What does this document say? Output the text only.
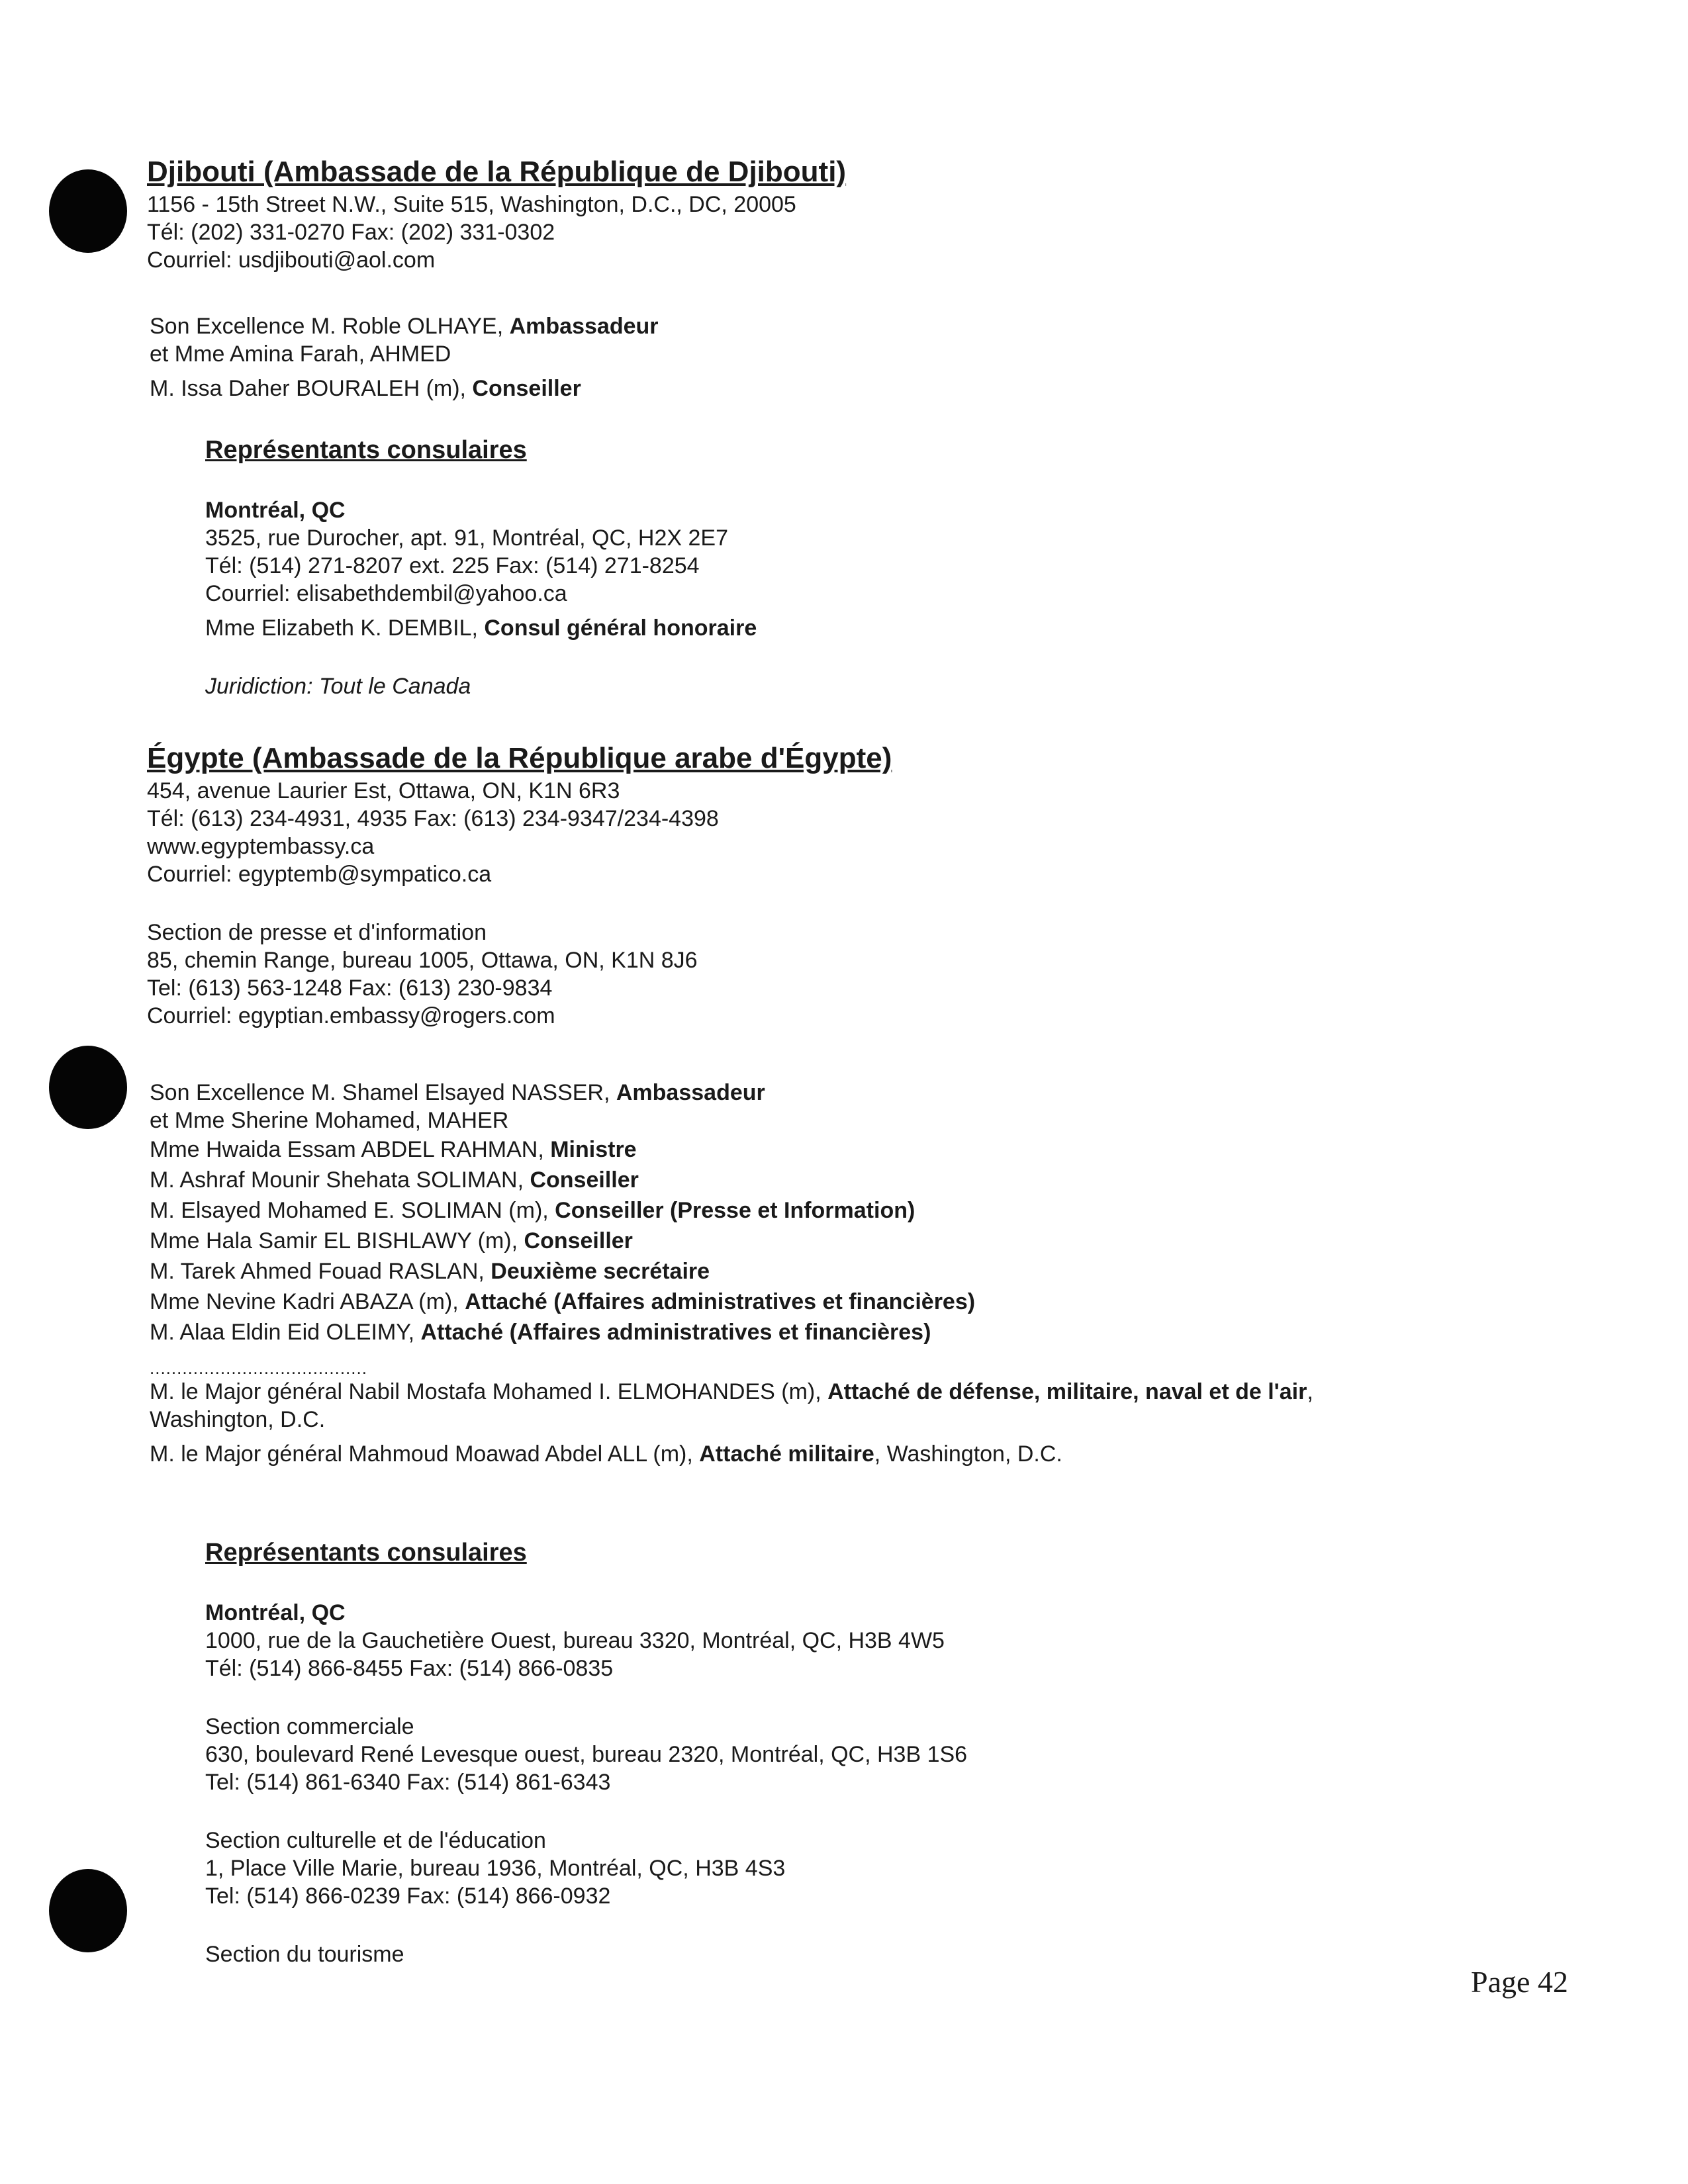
Djibouti (Ambassade de la République de Djibouti)
1156 - 15th Street N.W., Suite 515, Washington, D.C., DC, 20005
Tél: (202) 331-0270 Fax: (202) 331-0302
Courriel: usdjibouti@aol.com
Son Excellence M. Roble OLHAYE, Ambassadeur
et Mme Amina Farah, AHMED
M. Issa Daher BOURALEH (m), Conseiller
Représentants consulaires
Montréal, QC
3525, rue Durocher, apt. 91, Montréal, QC, H2X 2E7
Tél: (514) 271-8207 ext. 225 Fax: (514) 271-8254
Courriel: elisabethdembil@yahoo.ca
Mme Elizabeth K. DEMBIL, Consul général honoraire
Juridiction: Tout le Canada
Égypte (Ambassade de la République arabe d'Égypte)
454, avenue Laurier Est, Ottawa, ON, K1N 6R3
Tél: (613) 234-4931, 4935 Fax: (613) 234-9347/234-4398
www.egyptembassy.ca
Courriel: egyptemb@sympatico.ca
Section de presse et d'information
85, chemin Range, bureau 1005, Ottawa, ON, K1N 8J6
Tel: (613) 563-1248 Fax: (613) 230-9834
Courriel: egyptian.embassy@rogers.com
Son Excellence M. Shamel Elsayed NASSER, Ambassadeur
et Mme Sherine Mohamed, MAHER
Mme Hwaida Essam ABDEL RAHMAN, Ministre
M. Ashraf Mounir Shehata SOLIMAN, Conseiller
M. Elsayed Mohamed E. SOLIMAN (m), Conseiller (Presse et Information)
Mme Hala Samir EL BISHLAWY (m), Conseiller
M. Tarek Ahmed Fouad RASLAN, Deuxième secrétaire
Mme Nevine Kadri ABAZA (m), Attaché (Affaires administratives et financières)
M. Alaa Eldin Eid OLEIMY, Attaché (Affaires administratives et financières)
........................................
M. le Major général Nabil Mostafa Mohamed I. ELMOHANDES (m), Attaché de défense, militaire, naval et de l'air,
Washington, D.C.
M. le Major général Mahmoud Moawad Abdel ALL (m), Attaché militaire, Washington, D.C.
Représentants consulaires
Montréal, QC
1000, rue de la Gauchetière Ouest, bureau 3320, Montréal, QC, H3B 4W5
Tél: (514) 866-8455 Fax: (514) 866-0835
Section commerciale
630, boulevard René Levesque ouest, bureau 2320, Montréal, QC, H3B 1S6
Tel: (514) 861-6340 Fax: (514) 861-6343
Section culturelle et de l'éducation
1, Place Ville Marie, bureau 1936, Montréal, QC, H3B 4S3
Tel: (514) 866-0239 Fax: (514) 866-0932
Section du tourisme
Page 42
